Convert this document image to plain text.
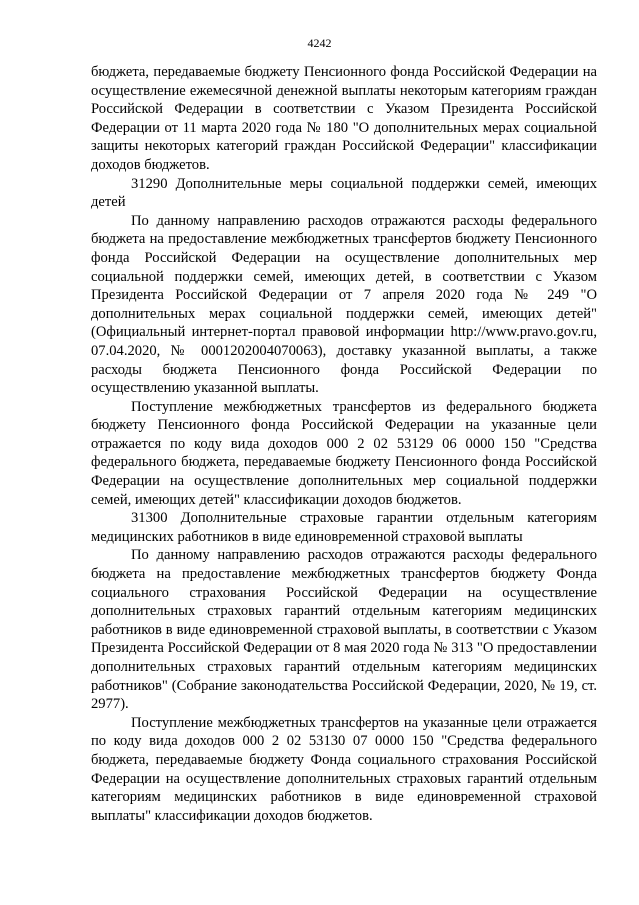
4242

бюджета, передаваемые бюджету Пенсионного фонда Российской Федерации на осуществление ежемесячной денежной выплаты некоторым категориям граждан Российской Федерации в соответствии с Указом Президента Российской Федерации от 11 марта 2020 года № 180 "О дополнительных мерах социальной защиты некоторых категорий граждан Российской Федерации" классификации доходов бюджетов.

31290 Дополнительные меры социальной поддержки семей, имеющих детей

По данному направлению расходов отражаются расходы федерального бюджета на предоставление межбюджетных трансфертов бюджету Пенсионного фонда Российской Федерации на осуществление дополнительных мер социальной поддержки семей, имеющих детей, в соответствии с Указом Президента Российской Федерации от 7 апреля 2020 года № 249 "О дополнительных мерах социальной поддержки семей, имеющих детей" (Официальный интернет-портал правовой информации http://www.pravo.gov.ru, 07.04.2020, № 0001202004070063), доставку указанной выплаты, а также расходы бюджета Пенсионного фонда Российской Федерации по осуществлению указанной выплаты.

Поступление межбюджетных трансфертов из федерального бюджета бюджету Пенсионного фонда Российской Федерации на указанные цели отражается по коду вида доходов 000 2 02 53129 06 0000 150 "Средства федерального бюджета, передаваемые бюджету Пенсионного фонда Российской Федерации на осуществление дополнительных мер социальной поддержки семей, имеющих детей" классификации доходов бюджетов.

31300 Дополнительные страховые гарантии отдельным категориям медицинских работников в виде единовременной страховой выплаты

По данному направлению расходов отражаются расходы федерального бюджета на предоставление межбюджетных трансфертов бюджету Фонда социального страхования Российской Федерации на осуществление дополнительных страховых гарантий отдельным категориям медицинских работников в виде единовременной страховой выплаты, в соответствии с Указом Президента Российской Федерации от 8 мая 2020 года № 313 "О предоставлении дополнительных страховых гарантий отдельным категориям медицинских работников" (Собрание законодательства Российской Федерации, 2020, № 19, ст. 2977).

Поступление межбюджетных трансфертов на указанные цели отражается по коду вида доходов 000 2 02 53130 07 0000 150 "Средства федерального бюджета, передаваемые бюджету Фонда социального страхования Российской Федерации на осуществление дополнительных страховых гарантий отдельным категориям медицинских работников в виде единовременной страховой выплаты" классификации доходов бюджетов.
